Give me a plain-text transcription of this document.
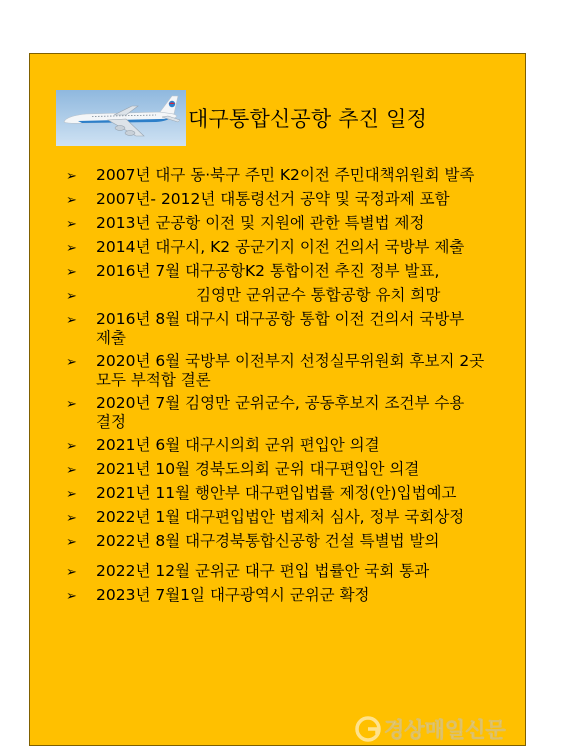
대구통합신공항 추진 일정
➢	2007년 대구 동·북구 주민 K2이전 주민대책위원회 발족
➢	2007년- 2012년 대통령선거 공약 및 국정과제 포함
➢	2013년 군공항 이전 및 지원에 관한 특별법 제정
➢	2014년 대구시, K2 공군기지 이전 건의서 국방부 제출
➢	2016년 7월 대구공항K2 통합이전 추진 정부 발표,
➢	김영만 군위군수 통합공항 유치 희망
➢	2016년 8월 대구시 대구공항 통합 이전 건의서 국방부 제출
➢	2020년 6월 국방부 이전부지 선정실무위원회 후보지 2곳 모두 부적합 결론
➢	2020년 7월 김영만 군위군수, 공동후보지 조건부 수용 결정
➢	2021년 6월 대구시의회 군위 편입안 의결
➢	2021년 10월 경북도의회 군위 대구편입안 의결
➢	2021년 11월 행안부 대구편입법률 제정(안)입법예고
➢	2022년 1월 대구편입법안 법제처 심사, 정부 국회상정
➢	2022년 8월 대구경북통합신공항 건설 특별법 발의
➢	2022년 12월 군위군 대구 편입 법률안 국회 통과
➢	2023년 7월1일 대구광역시 군위군 확정
경상매일신문
